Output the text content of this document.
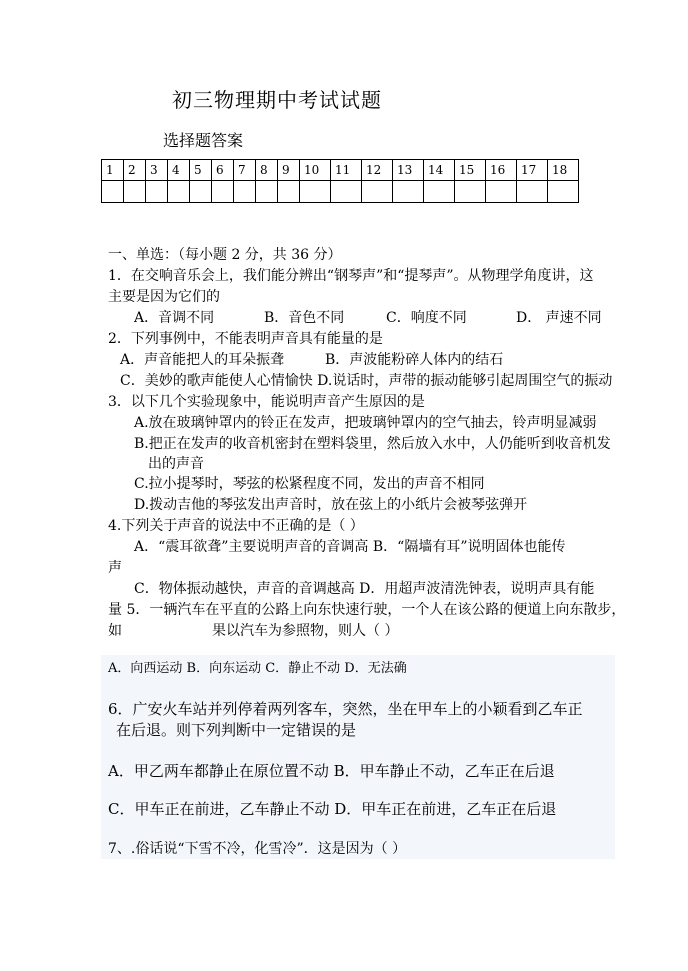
初三物理期中考试试题
选择题答案
1	2	3	4	5	6	7	8	9	10	11	12	13	14	15	16	17	18

一、单选：（每小题 2 分，共 36 分）
1．在交响音乐会上，我们能分辨出“钢琴声”和“提琴声”。从物理学角度讲，这
主要是因为它们的
A．音调不同	B．音色不同	C．响度不同	D． 声速不同
2．下列事例中，不能表明声音具有能量的是
A．声音能把人的耳朵振聋	B．声波能粉碎人体内的结石
C．美妙的歌声能使人心情愉快 D.说话时，声带的振动能够引起周围空气的振动
3．以下几个实验现象中，能说明声音产生原因的是
A.放在玻璃钟罩内的铃正在发声，把玻璃钟罩内的空气抽去，铃声明显减弱
B.把正在发声的收音机密封在塑料袋里，然后放入水中，人仍能听到收音机发
出的声音
C.拉小提琴时，琴弦的松紧程度不同，发出的声音不相同
D.拨动吉他的琴弦发出声音时，放在弦上的小纸片会被琴弦弹开
4.下列关于声音的说法中不正确的是（ ）
A．“震耳欲聋”主要说明声音的音调高 B．“隔墙有耳”说明固体也能传
声
C．物体振动越快，声音的音调越高 D．用超声波清洗钟表，说明声具有能
量 5．一辆汽车在平直的公路上向东快速行驶，一个人在该公路的便道上向东散步，
如	果以汽车为参照物，则人（ ）
A．向西运动 B．向东运动 C．静止不动 D．无法确
6．广安火车站并列停着两列客车，突然，坐在甲车上的小颖看到乙车正
在后退。则下列判断中一定错误的是
A．甲乙两车都静止在原位置不动 B．甲车静止不动，乙车正在后退
C．甲车正在前进，乙车静止不动 D．甲车正在前进，乙车正在后退
7、.俗话说“下雪不冷，化雪冷”．这是因为（ ）
